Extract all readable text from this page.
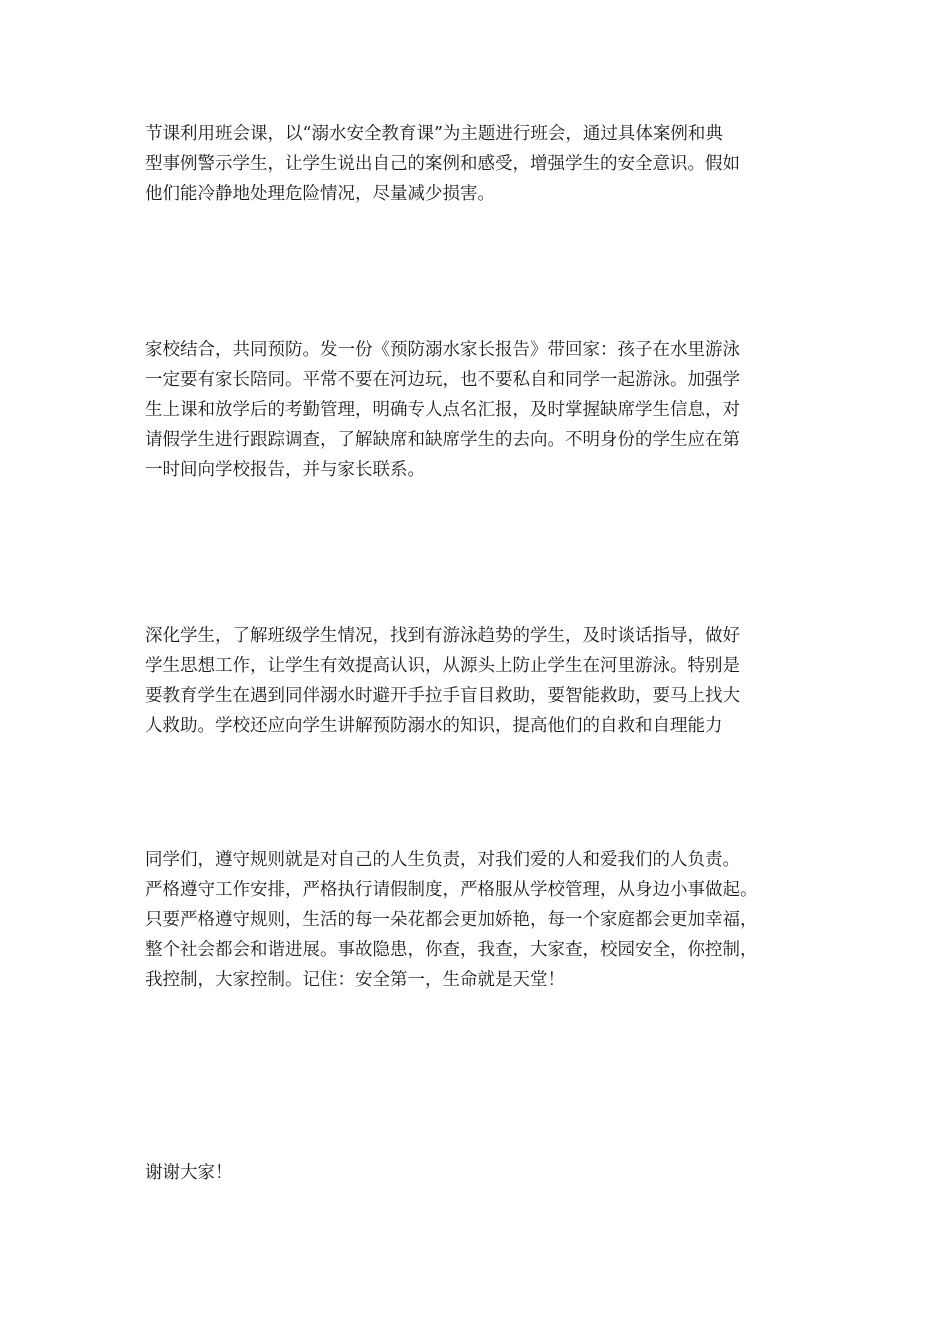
节课利用班会课，以“溺水安全教育课”为主题进行班会，通过具体案例和典
型事例警示学生，让学生说出自己的案例和感受，增强学生的安全意识。假如
他们能冷静地处理危险情况，尽量减少损害。

家校结合，共同预防。发一份《预防溺水家长报告》带回家：孩子在水里游泳
一定要有家长陪同。平常不要在河边玩，也不要私自和同学一起游泳。加强学
生上课和放学后的考勤管理，明确专人点名汇报，及时掌握缺席学生信息，对
请假学生进行跟踪调查，了解缺席和缺席学生的去向。不明身份的学生应在第
一时间向学校报告，并与家长联系。

深化学生，了解班级学生情况，找到有游泳趋势的学生，及时谈话指导，做好
学生思想工作，让学生有效提高认识，从源头上防止学生在河里游泳。特别是
要教育学生在遇到同伴溺水时避开手拉手盲目救助，要智能救助，要马上找大
人救助。学校还应向学生讲解预防溺水的知识，提高他们的自救和自理能力

同学们，遵守规则就是对自己的人生负责，对我们爱的人和爱我们的人负责。
严格遵守工作安排，严格执行请假制度，严格服从学校管理，从身边小事做起。
只要严格遵守规则，生活的每一朵花都会更加娇艳，每一个家庭都会更加幸福，
整个社会都会和谐进展。事故隐患，你查，我查，大家查，校园安全，你控制，
我控制，大家控制。记住：安全第一，生命就是天堂！

谢谢大家！
